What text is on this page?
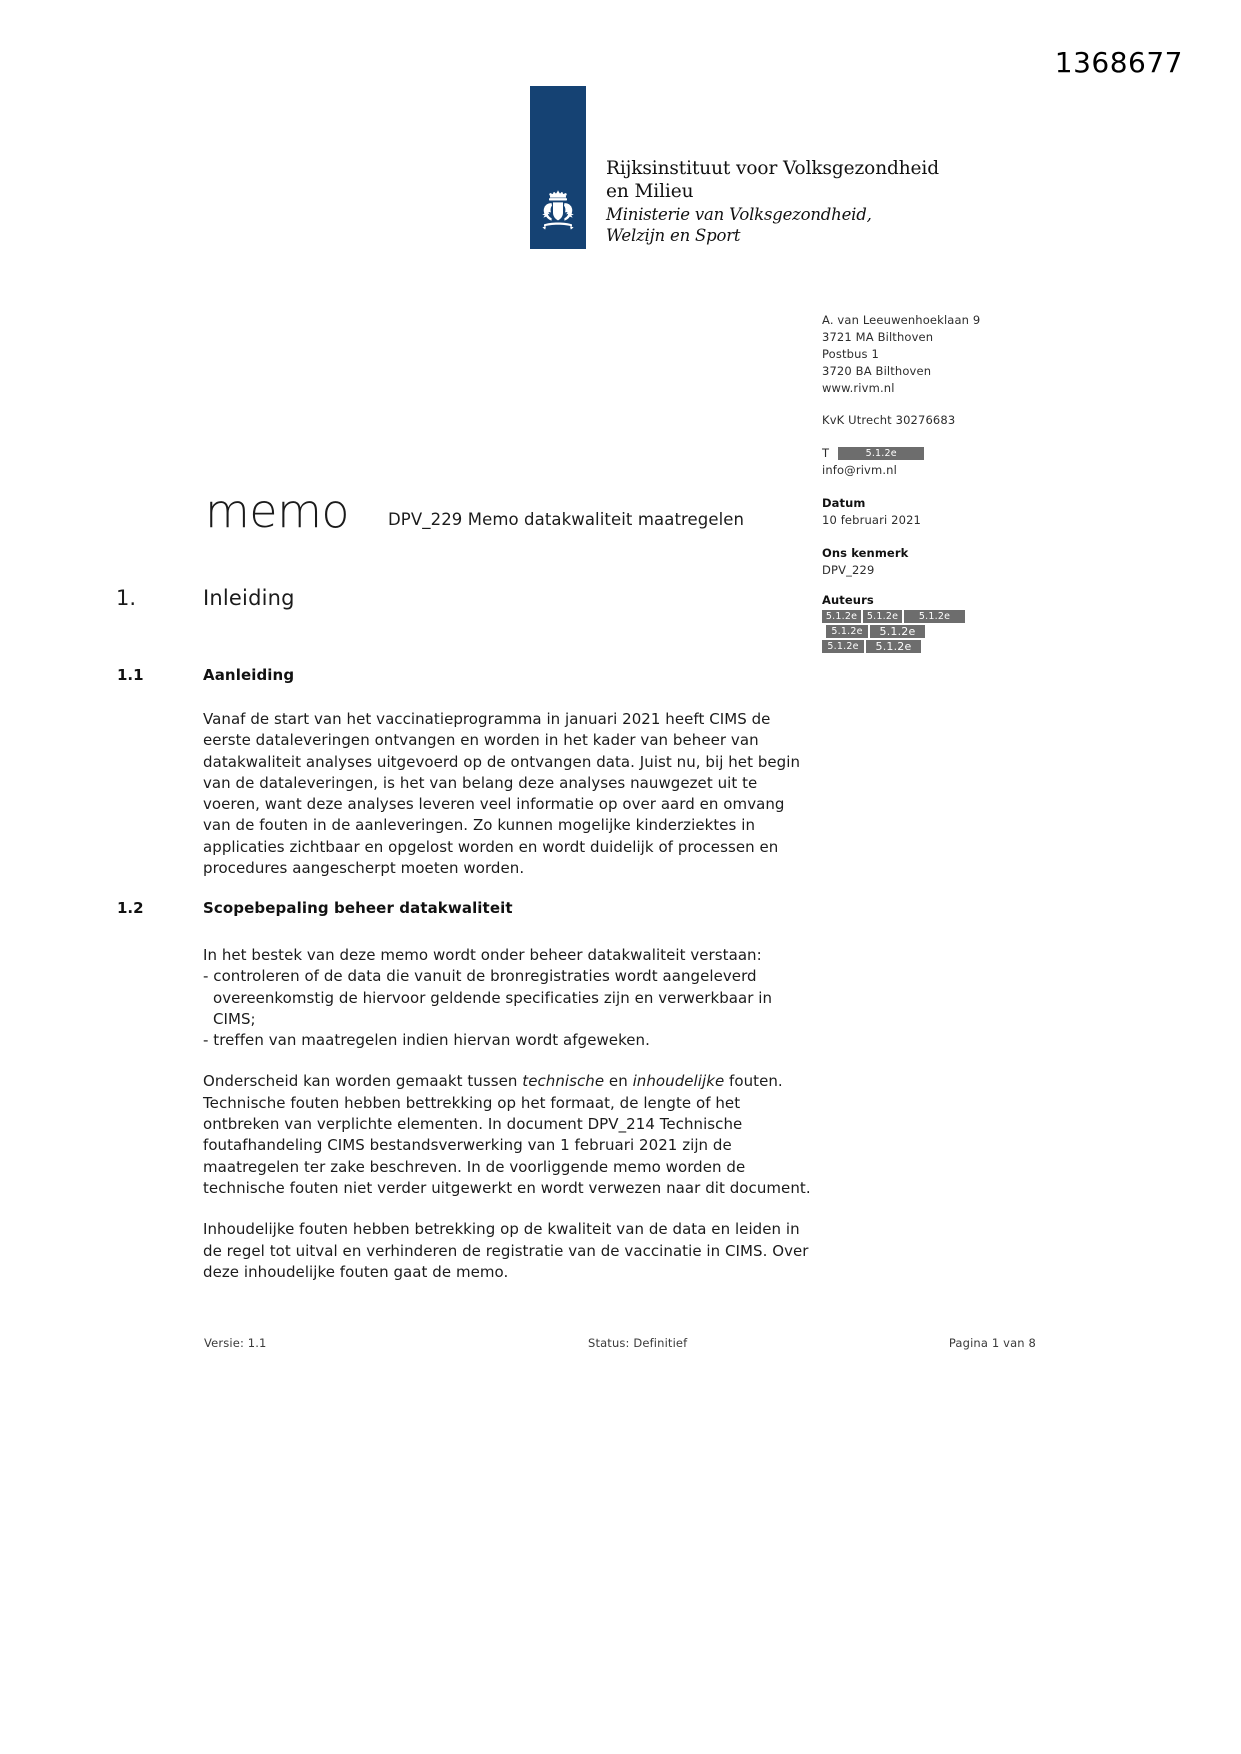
1368677
Rijksinstituut voor Volksgezondheid
en Milieu
Ministerie van Volksgezondheid,
Welzijn en Sport
A. van Leeuwenhoeklaan 9
3721 MA Bilthoven
Postbus 1
3720 BA Bilthoven
www.rivm.nl
KvK Utrecht 30276683
T	5.1.2e
info@rivm.nl
Datum
10 februari 2021
Ons kenmerk
DPV_229
Auteurs
5.1.2e	5.1.2e	5.1.2e
5.1.2e	5.1.2e
5.1.2e	5.1.2e
memo DPV_229 Memo datakwaliteit maatregelen
1.	Inleiding
1.1	Aanleiding

Vanaf de start van het vaccinatieprogramma in januari 2021 heeft CIMS de eerste dataleveringen ontvangen en worden in het kader van beheer van datakwaliteit analyses uitgevoerd op de ontvangen data. Juist nu, bij het begin van de dataleveringen, is het van belang deze analyses nauwgezet uit te voeren, want deze analyses leveren veel informatie op over aard en omvang van de fouten in de aanleveringen. Zo kunnen mogelijke kinderziektes in applicaties zichtbaar en opgelost worden en wordt duidelijk of processen en procedures aangescherpt moeten worden.

1.2	Scopebepaling beheer datakwaliteit

In het bestek van deze memo wordt onder beheer datakwaliteit verstaan:
- controleren of de data die vanuit de bronregistraties wordt aangeleverd
overeenkomstig de hiervoor geldende specificaties zijn en verwerkbaar in CIMS;
- treffen van maatregelen indien hiervan wordt afgeweken.

Onderscheid kan worden gemaakt tussen technische en inhoudelijke fouten. Technische fouten hebben bettrekking op het formaat, de lengte of het ontbreken van verplichte elementen. In document DPV_214 Technische foutafhandeling CIMS bestandsverwerking van 1 februari 2021 zijn de maatregelen ter zake beschreven. In de voorliggende memo worden de technische fouten niet verder uitgewerkt en wordt verwezen naar dit document.

Inhoudelijke fouten hebben betrekking op de kwaliteit van de data en leiden in de regel tot uitval en verhinderen de registratie van de vaccinatie in CIMS. Over deze inhoudelijke fouten gaat de memo.

Versie: 1.1	Status: Definitief	Pagina 1 van 8
